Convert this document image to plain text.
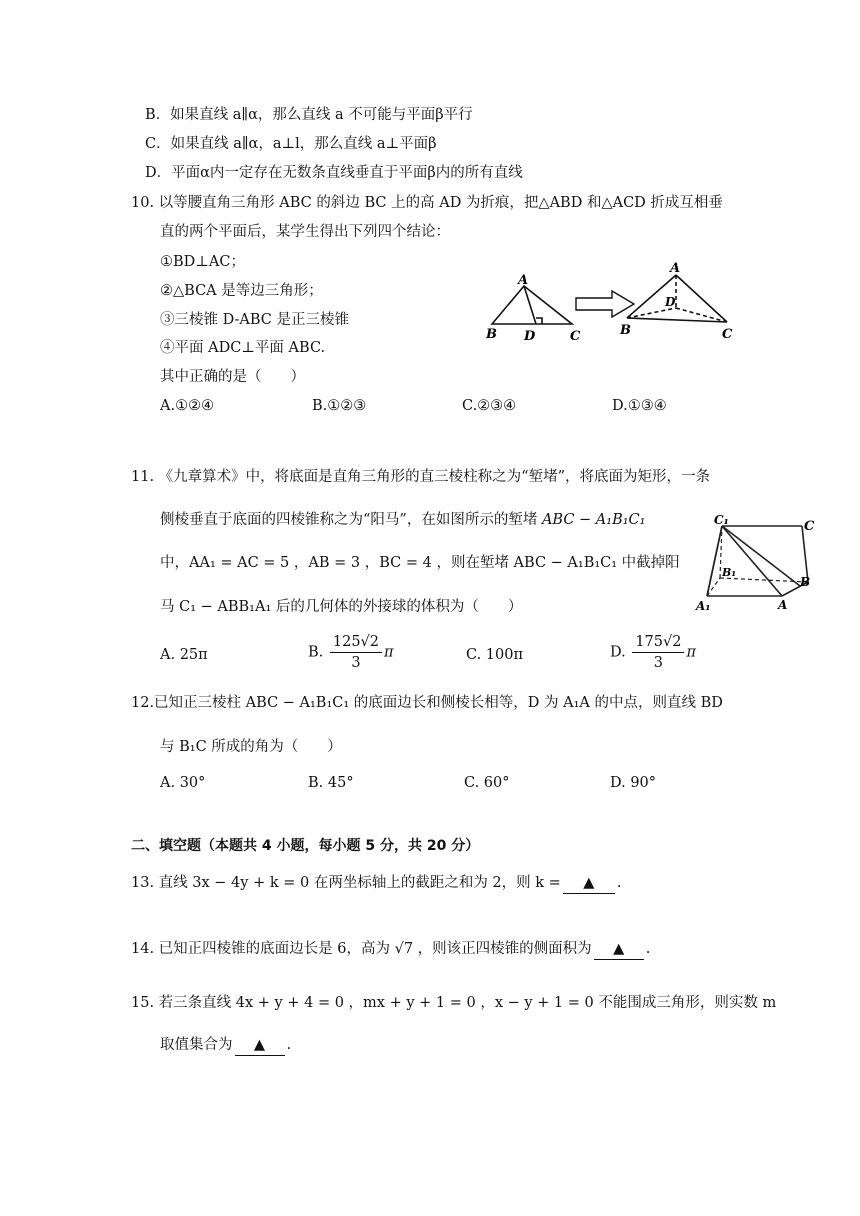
B．如果直线 a∥α，那么直线 a 不可能与平面β平行
C．如果直线 a∥α，a⊥l，那么直线 a⊥平面β
D．平面α内一定存在无数条直线垂直于平面β内的所有直线
10. 以等腰直角三角形 ABC 的斜边 BC 上的高 AD 为折痕，把△ABD 和△ACD 折成互相垂
直的两个平面后，某学生得出下列四个结论：
①BD⊥AC；
②△BCA 是等边三角形；
③三棱锥 D-ABC 是正三棱锥
④平面 ADC⊥平面 ABC.
其中正确的是（　　）
A.①②④	B.①②③	C.②③④	D.①③④
A
B D	C
A
D
B	C
11. 《九章算术》中，将底面是直角三角形的直三棱柱称之为“堑堵”，将底面为矩形，一条
侧棱垂直于底面的四棱锥称之为“阳马”，在如图所示的堑堵 ABC − A₁B₁C₁
中，AA₁ = AC = 5 ，AB = 3 ，BC = 4 ，则在堑堵 ABC − A₁B₁C₁ 中截掉阳
马 C₁ − ABB₁A₁ 后的几何体的外接球的体积为（　　）
A. 25π	B. $\frac{125√2}{3}$ π	C. 100π	D. $\frac{175√2}{3}$ π
C₁	C
B₁
B
A₁	A
12.已知正三棱柱 ABC − A₁B₁C₁ 的底面边长和侧棱长相等，D 为 A₁A 的中点，则直线 BD
与 B₁C 所成的角为（　　）
A. 30°	B. 45°	C. 60°	D. 90°
二、填空题（本题共 4 小题，每小题 5 分，共 20 分）
13. 直线 3x − 4y + k = 0 在两坐标轴上的截距之和为 2，则 k = ▲ .
14. 已知正四棱锥的底面边长是 6，高为 √7 ，则该正四棱锥的侧面积为 ▲ .
15. 若三条直线 4x + y + 4 = 0 ，mx + y + 1 = 0 ，x − y + 1 = 0 不能围成三角形，则实数 m
取值集合为 ▲ .
